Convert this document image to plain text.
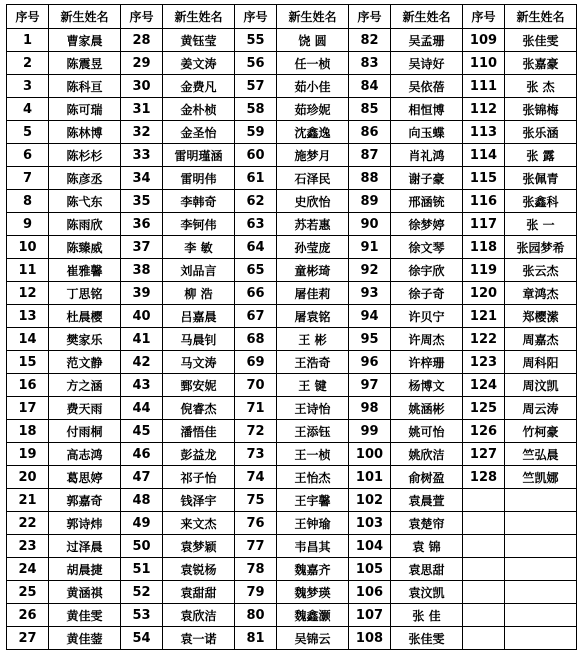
序号	新生姓名	序号	新生姓名	序号	新生姓名	序号	新生姓名	序号	新生姓名
1	曹家晨	28	黄钰莹	55	饶 圆	82	吴孟珊	109	张佳雯
2	陈震昱	29	姜文涛	56	任一桢	83	吴诗好	110	张嘉豪
3	陈科亘	30	金费凡	57	茹小佳	84	吴依蓓	111	张 杰
4	陈可瑞	31	金朴桢	58	茹珍妮	85	相恒博	112	张锦梅
5	陈林博	32	金圣怡	59	沈鑫逸	86	向玉蝶	113	张乐涵
6	陈杉杉	33	雷明瑾涵	60	施梦月	87	肖礼鸿	114	张 露
7	陈彦丞	34	雷明伟	61	石泽民	88	谢子豪	115	张佩青
8	陈弋东	35	李韩奇	62	史欣怡	89	邢涵铳	116	张鑫科
9	陈雨欣	36	李钶伟	63	苏若惠	90	徐梦婷	117	张 一
10	陈臻威	37	李 敏	64	孙莹庞	91	徐文琴	118	张园梦希
11	崔雅馨	38	刘品言	65	童彬琦	92	徐宇欣	119	张云杰
12	丁思铭	39	柳 浩	66	屠佳莉	93	徐子奇	120	章鸿杰
13	杜晨樱	40	吕嘉晨	67	屠袁铭	94	许贝宁	121	郑樱潆
14	樊家乐	41	马晨钊	68	王 彬	95	许周杰	122	周嘉杰
15	范文静	42	马文涛	69	王浩奇	96	许梓珊	123	周科阳
16	方之涵	43	鄄安妮	70	王 键	97	杨博文	124	周汶凯
17	费天雨	44	倪睿杰	71	王诗怡	98	姚涵彬	125	周云涛
18	付雨桐	45	潘悟佳	72	王添钰	99	姚可怡	126	竹柯豪
19	高志鸿	46	彭益龙	73	王一桢	100	姚欣洁	127	竺弘晨
20	葛思婷	47	祁子怡	74	王怡杰	101	俞树盈	128	竺凯娜
21	郭嘉奇	48	钱泽宇	75	王宇馨	102	袁晨萱		
22	郭诗炜	49	来文杰	76	王钟瑜	103	袁楚帘		
23	过泽晨	50	袁梦颖	77	韦昌其	104	袁 锦		
24	胡晨捷	51	袁锐杨	78	魏嘉齐	105	袁思甜		
25	黄涵祺	52	袁甜甜	79	魏梦瑛	106	袁汶凯		
26	黄佳雯	53	袁欣洁	80	魏鑫灏	107	张 佳		
27	黄佳蓥	54	袁一诺	81	吴锦云	108	张佳雯		
